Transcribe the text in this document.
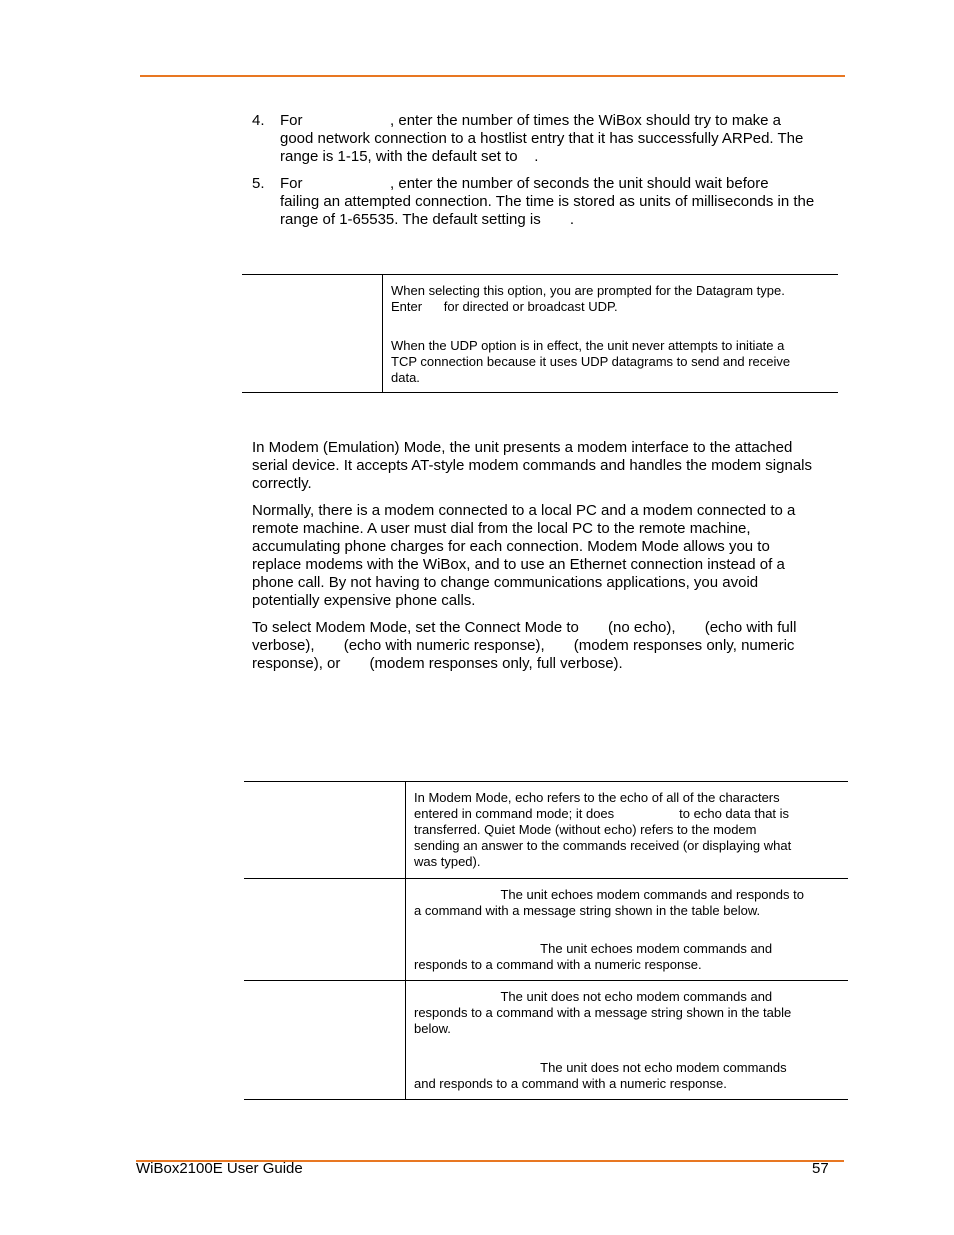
4. For                     , enter the number of times the WiBox should try to make a
good network connection to a hostlist entry that it has successfully ARPed. The
range is 1-15, with the default set to    .
5. For                     , enter the number of seconds the unit should wait before
failing an attempted connection. The time is stored as units of milliseconds in the
range of 1-65535. The default setting is       .
When selecting this option, you are prompted for the Datagram type.
Enter      for directed or broadcast UDP.
When the UDP option is in effect, the unit never attempts to initiate a
TCP connection because it uses UDP datagrams to send and receive
data.
In Modem (Emulation) Mode, the unit presents a modem interface to the attached
serial device. It accepts AT-style modem commands and handles the modem signals
correctly.
Normally, there is a modem connected to a local PC and a modem connected to a
remote machine. A user must dial from the local PC to the remote machine,
accumulating phone charges for each connection. Modem Mode allows you to
replace modems with the WiBox, and to use an Ethernet connection instead of a
phone call. By not having to change communications applications, you avoid
potentially expensive phone calls.
To select Modem Mode, set the Connect Mode to       (no echo),       (echo with full
verbose),       (echo with numeric response),       (modem responses only, numeric
response), or       (modem responses only, full verbose).
In Modem Mode, echo refers to the echo of all of the characters
entered in command mode; it does                  to echo data that is
transferred. Quiet Mode (without echo) refers to the modem
sending an answer to the commands received (or displaying what
was typed).
The unit echoes modem commands and responds to
a command with a message string shown in the table below.
The unit echoes modem commands and
responds to a command with a numeric response.
The unit does not echo modem commands and
responds to a command with a message string shown in the table
below.
The unit does not echo modem commands
and responds to a command with a numeric response.
WiBox2100E User Guide	57
